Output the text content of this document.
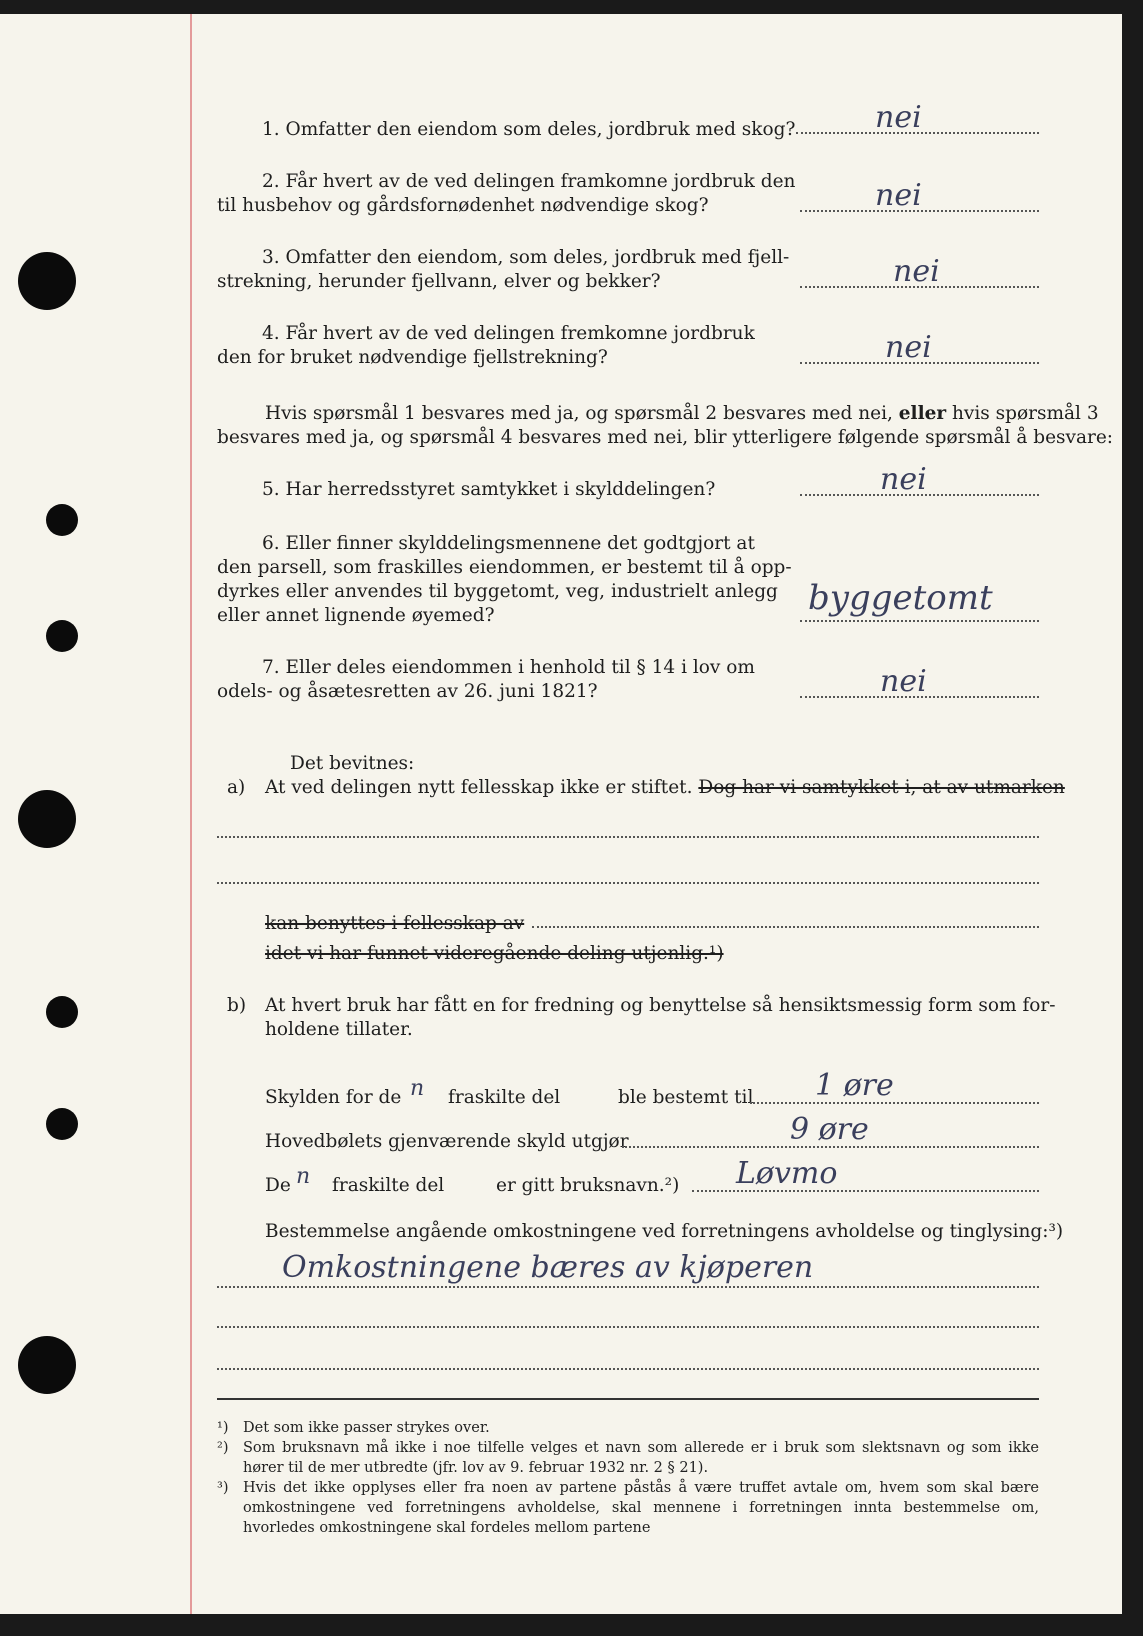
1. Omfatter den eiendom som deles, jordbruk med skog?	nei
2. Får hvert av de ved delingen framkomne jordbruk den
til husbehov og gårdsfornødenhet nødvendige skog?	nei
3. Omfatter den eiendom, som deles, jordbruk med fjell-
strekning, herunder fjellvann, elver og bekker?	nei
4. Får hvert av de ved delingen fremkomne jordbruk
den for bruket nødvendige fjellstrekning?	nei
Hvis spørsmål 1 besvares med ja, og spørsmål 2 besvares med nei, eller hvis spørsmål 3
besvares med ja, og spørsmål 4 besvares med nei, blir ytterligere følgende spørsmål å besvare:
5. Har herredsstyret samtykket i skylddelingen?	nei
6. Eller finner skylddelingsmennene det godtgjort at
den parsell, som fraskilles eiendommen, er bestemt til å opp-
dyrkes eller anvendes til byggetomt, veg, industrielt anlegg
eller annet lignende øyemed?	byggetomt
7. Eller deles eiendommen i henhold til § 14 i lov om
odels- og åsætesretten av 26. juni 1821?	nei
Det bevitnes:
a) At ved delingen nytt fellesskap ikke er stiftet. Dog har vi samtykket i, at av utmarken
kan benyttes i fellesskap av
idet vi har funnet videregående deling utjenlig.¹)
b) At hvert bruk har fått en for fredning og benyttelse så hensiktsmessig form som for-
holdene tillater.
Skylden for de n fraskilte del	ble bestemt til 1 øre
Hovedbølets gjenværende skyld utgjør	9 øre
De n fraskilte del	er gitt bruksnavn.²) Løvmo
Bestemmelse angående omkostningene ved forretningens avholdelse og tinglysing:³)
Omkostningene bæres av kjøperen
¹) Det som ikke passer strykes over.
²) Som bruksnavn må ikke i noe tilfelle velges et navn som allerede er i bruk som slektsnavn og som ikke hører til de mer utbredte (jfr. lov av 9. februar 1932 nr. 2 § 21).
³) Hvis det ikke opplyses eller fra noen av partene påstås å være truffet avtale om, hvem som skal bære omkostningene ved forretningens avholdelse, skal mennene i forretningen innta bestemmelse om, hvorledes omkostningene skal fordeles mellom partene
